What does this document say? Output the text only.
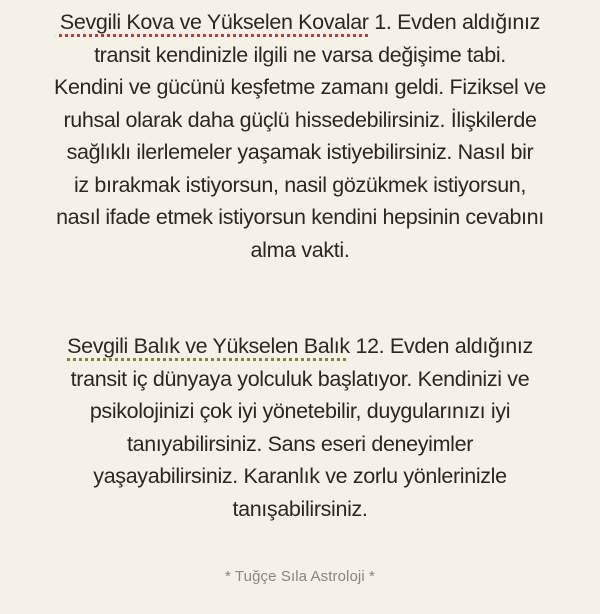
Sevgili Kova ve Yükselen Kovalar 1. Evden aldığınız
transit kendinizle ilgili ne varsa değişime tabi.
Kendini ve gücünü keşfetme zamanı geldi. Fiziksel ve
ruhsal olarak daha güçlü hissedebilirsiniz. İlişkilerde
sağlıklı ilerlemeler yaşamak istiyebilirsiniz. Nasıl bir
iz bırakmak istiyorsun, nasil gözükmek istiyorsun,
nasıl ifade etmek istiyorsun kendini hepsinin cevabını
alma vakti.
Sevgili Balık ve Yükselen Balık 12. Evden aldığınız
transit iç dünyaya yolculuk başlatıyor. Kendinizi ve
psikolojinizi çok iyi yönetebilir, duygularınızı iyi
tanıyabilirsiniz. Sans eseri deneyimler
yaşayabilirsiniz. Karanlık ve zorlu yönlerinizle
tanışabilirsiniz.
* Tuğçe Sıla Astroloji *
